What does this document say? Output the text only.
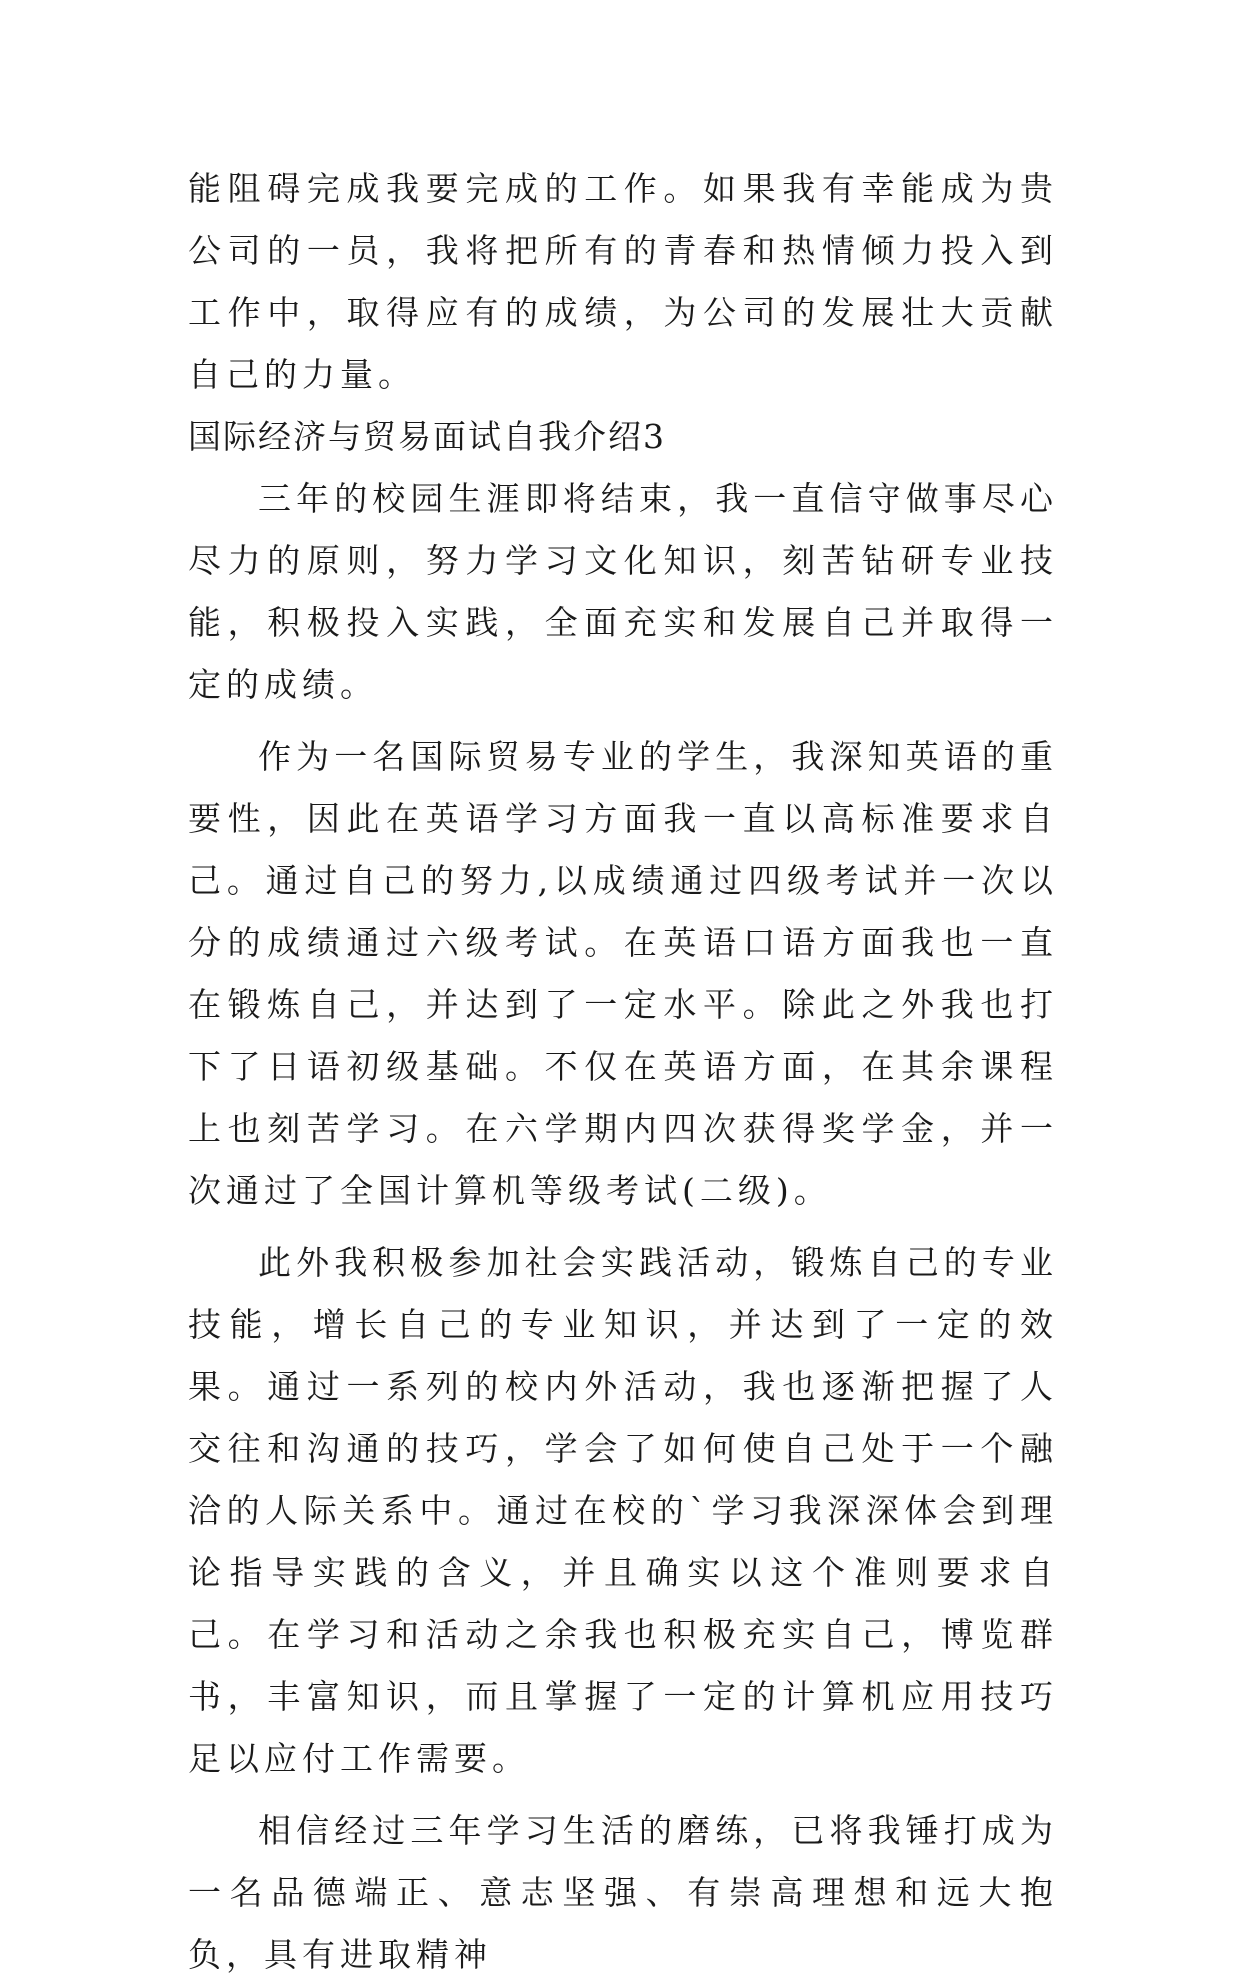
能阻碍完成我要完成的工作。如果我有幸能成为贵公司的一员，我将把所有的青春和热情倾力投入到工作中，取得应有的成绩，为公司的发展壮大贡献自己的力量。

国际经济与贸易面试自我介绍3

三年的校园生涯即将结束，我一直信守做事尽心尽力的原则，努力学习文化知识，刻苦钻研专业技能，积极投入实践，全面充实和发展自己并取得一定的成绩。

作为一名国际贸易专业的学生，我深知英语的重要性，因此在英语学习方面我一直以高标准要求自己。通过自己的努力,以成绩通过四级考试并一次以分的成绩通过六级考试。在英语口语方面我也一直在锻炼自己，并达到了一定水平。除此之外我也打下了日语初级基础。不仅在英语方面，在其余课程上也刻苦学习。在六学期内四次获得奖学金，并一次通过了全国计算机等级考试(二级)。

此外我积极参加社会实践活动，锻炼自己的专业技能，增长自己的专业知识，并达到了一定的效果。通过一系列的校内外活动，我也逐渐把握了人交往和沟通的技巧，学会了如何使自己处于一个融洽的人际关系中。通过在校的`学习我深深体会到理论指导实践的含义，并且确实以这个准则要求自己。在学习和活动之余我也积极充实自己，博览群书，丰富知识，而且掌握了一定的计算机应用技巧足以应付工作需要。

相信经过三年学习生活的磨练，已将我锤打成为一名品德端正、意志坚强、有崇高理想和远大抱负，具有进取精神
